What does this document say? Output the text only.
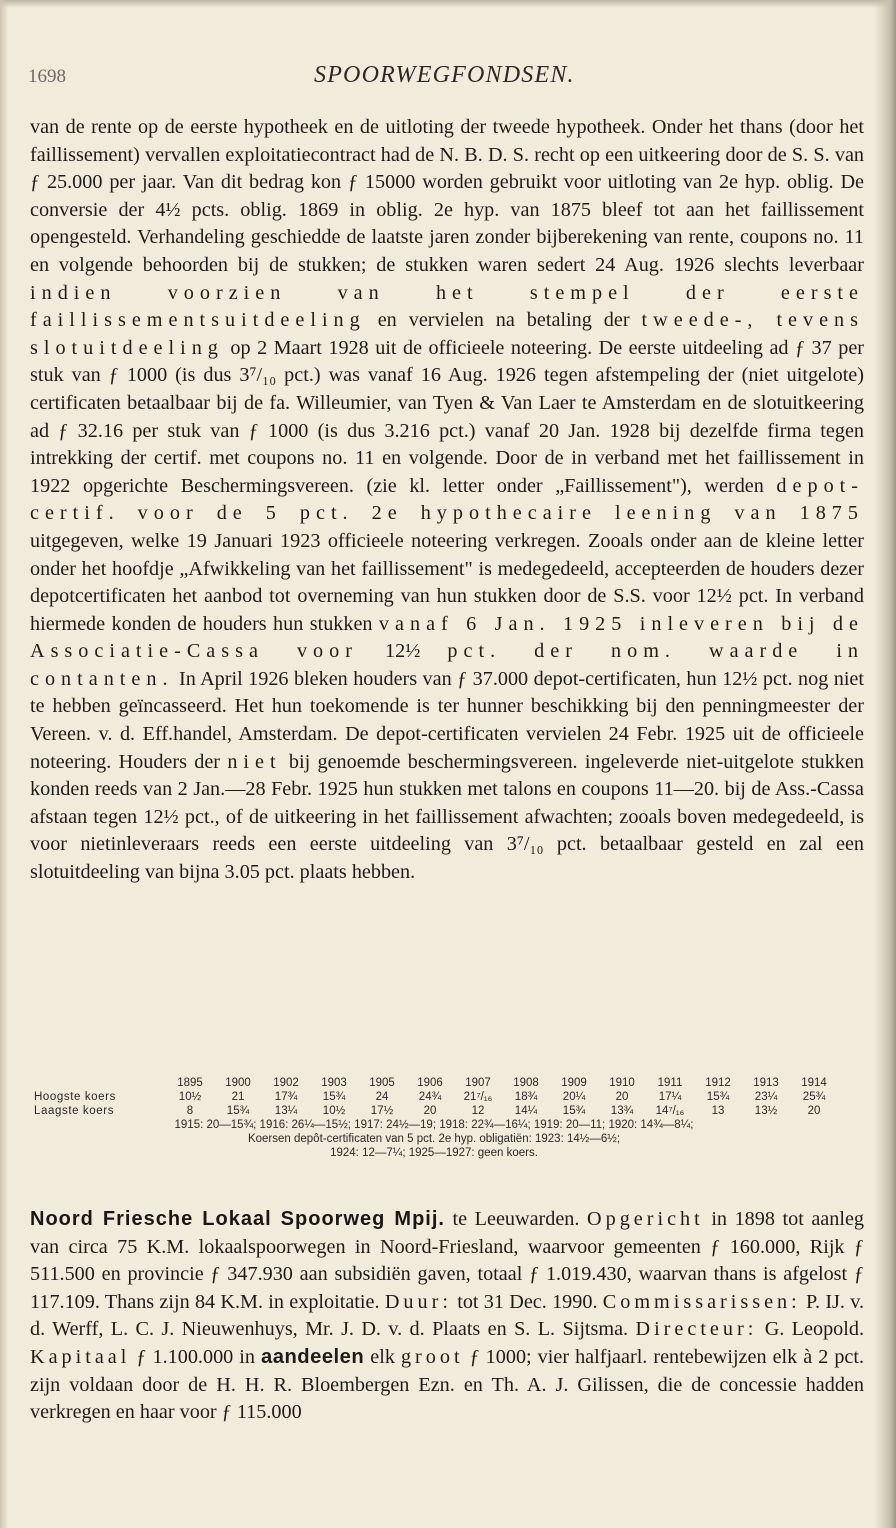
1698	SPOORWEGFONDSEN.

van de rente op de eerste hypotheek en de uitloting der tweede hypotheek. Onder het thans (door het faillissement) vervallen exploitatiecontract had de N. B. D. S. recht op een uitkeering door de S. S. van ƒ 25.000 per jaar. Van dit bedrag kon ƒ 15000 worden gebruikt voor uitloting van 2e hyp. oblig. De conversie der 4½ pcts. oblig. 1869 in oblig. 2e hyp. van 1875 bleef tot aan het faillissement opengesteld. Verhandeling geschiedde de laatste jaren zonder bijberekening van rente, coupons no. 11 en volgende behoorden bij de stukken; de stukken waren sedert 24 Aug. 1926 slechts leverbaar indien voorzien van het stempel der eerste faillissementsuitdeeling en vervielen na betaling der tweede-, tevens slotuitdeeling op 2 Maart 1928 uit de officieele noteering. De eerste uitdeeling ad ƒ 37 per stuk van ƒ 1000 (is dus 3⁷/₁₀ pct.) was vanaf 16 Aug. 1926 tegen afstempeling der (niet uitgelote) certificaten betaalbaar bij de fa. Willeumier, van Tyen & Van Laer te Amsterdam en de slotuitkeering ad ƒ 32.16 per stuk van ƒ 1000 (is dus 3.216 pct.) vanaf 20 Jan. 1928 bij dezelfde firma tegen intrekking der certif. met coupons no. 11 en volgende. Door de in verband met het faillissement in 1922 opgerichte Beschermingsvereen. (zie kl. letter onder „Faillissement"), werden depot-certif. voor de 5 pct. 2e hypothecaire leening van 1875 uitgegeven, welke 19 Januari 1923 officieele noteering verkregen. Zooals onder aan de kleine letter onder het hoofdje „Afwikkeling van het faillissement" is medegedeeld, accepteerden de houders dezer depotcertificaten het aanbod tot overneming van hun stukken door de S.S. voor 12½ pct. In verband hiermede konden de houders hun stukken vanaf 6 Jan. 1925 inleveren bij de Associatie-Cassa voor 12½ pct. der nom. waarde in contanten. In April 1926 bleken houders van ƒ 37.000 depot-certificaten, hun 12½ pct. nog niet te hebben geïncasseerd. Het hun toekomende is ter hunner beschikking bij den penningmeester der Vereen. v. d. Eff.handel, Amsterdam. De depot-certificaten vervielen 24 Febr. 1925 uit de officieele noteering. Houders der niet bij genoemde beschermingsvereen. ingeleverde niet-uitgelote stukken konden reeds van 2 Jan.—28 Febr. 1925 hun stukken met talons en coupons 11—20. bij de Ass.-Cassa afstaan tegen 12½ pct., of de uitkeering in het faillissement afwachten; zooals boven medegedeeld, is voor nietinleveraars reeds een eerste uitdeeling van 3⁷/₁₀ pct. betaalbaar gesteld en zal een slotuitdeeling van bijna 3.05 pct. plaats hebben.

	1895	1900	1902	1903	1905	1906	1907	1908	1909	1910	1911	1912	1913	1914
Hoogste koers	10½	21	17¾	15¾	24	24¾	21⁷/₁₆	18¾	20¼	20	17¼	15¾	23¼	25¾
Laagste koers	8	15¾	13¼	10½	17½	20	12	14¼	15¾	13¾	14⁷/₁₆	13	13½	20
1915: 20—15¾; 1916: 26¼—15½; 1917: 24½—19; 1918: 22¾—16¼; 1919: 20—11; 1920: 14¾—8¼;
Koersen depôt-certificaten van 5 pct. 2e hyp. obligatiën: 1923: 14½—6½;
1924: 12—7¼; 1925—1927: geen koers.

Noord Friesche Lokaal Spoorweg Mpij. te Leeuwarden. Opgericht in 1898 tot aanleg van circa 75 K.M. lokaalspoorwegen in Noord-Friesland, waarvoor gemeenten ƒ 160.000, Rijk ƒ 511.500 en provincie ƒ 347.930 aan subsidiën gaven, totaal ƒ 1.019.430, waarvan thans is afgelost ƒ 117.109. Thans zijn 84 K.M. in exploitatie. Duur: tot 31 Dec. 1990. Commissarissen: P. IJ. v. d. Werff, L. C. J. Nieuwenhuys, Mr. J. D. v. d. Plaats en S. L. Sijtsma. Directeur: G. Leopold. Kapitaal ƒ 1.100.000 in aandeelen elk groot ƒ 1000; vier halfjaarl. rentebewijzen elk à 2 pct. zijn voldaan door de H. H. R. Bloembergen Ezn. en Th. A. J. Gilissen, die de concessie hadden verkregen en haar voor ƒ 115.000
